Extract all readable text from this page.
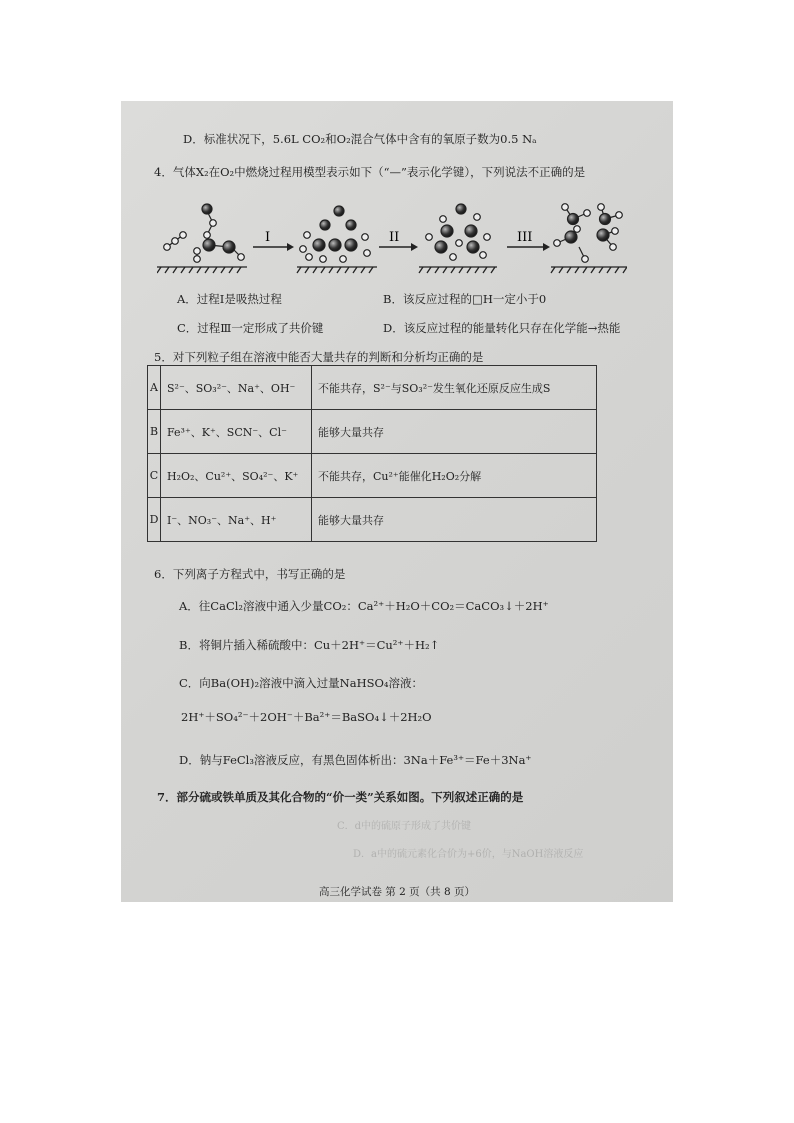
D．标准状况下，5.6L CO₂和O₂混合气体中含有的氧原子数为0.5 Nₐ
4．气体X₂在O₂中燃烧过程用模型表示如下（“—”表示化学键），下列说法不正确的是
I	II	III
A．过程Ⅰ是吸热过程	B．该反应过程的□H一定小于0
C．过程Ⅲ一定形成了共价键	D．该反应过程的能量转化只存在化学能→热能
5．对下列粒子组在溶液中能否大量共存的判断和分析均正确的是
A	S²⁻、SO₃²⁻、Na⁺、OH⁻	不能共存，S²⁻与SO₃²⁻发生氧化还原反应生成S
B	Fe³⁺、K⁺、SCN⁻、Cl⁻	能够大量共存
C	H₂O₂、Cu²⁺、SO₄²⁻、K⁺	不能共存，Cu²⁺能催化H₂O₂分解
D	I⁻、NO₃⁻、Na⁺、H⁺	能够大量共存
6．下列离子方程式中，书写正确的是
A．往CaCl₂溶液中通入少量CO₂：Ca²⁺＋H₂O＋CO₂＝CaCO₃↓＋2H⁺
B．将铜片插入稀硫酸中：Cu＋2H⁺＝Cu²⁺＋H₂↑
C．向Ba(OH)₂溶液中滴入过量NaHSO₄溶液：
2H⁺＋SO₄²⁻＋2OH⁻＋Ba²⁺＝BaSO₄↓＋2H₂O
D．钠与FeCl₃溶液反应，有黑色固体析出：3Na＋Fe³⁺＝Fe＋3Na⁺
7．部分硫或铁单质及其化合物的“价一类”关系如图。下列叙述正确的是
C．d中的硫原子形成了共价键
D．a中的硫元素化合价为+6价，与NaOH溶液反应
高三化学试卷 第 2 页（共 8 页）
